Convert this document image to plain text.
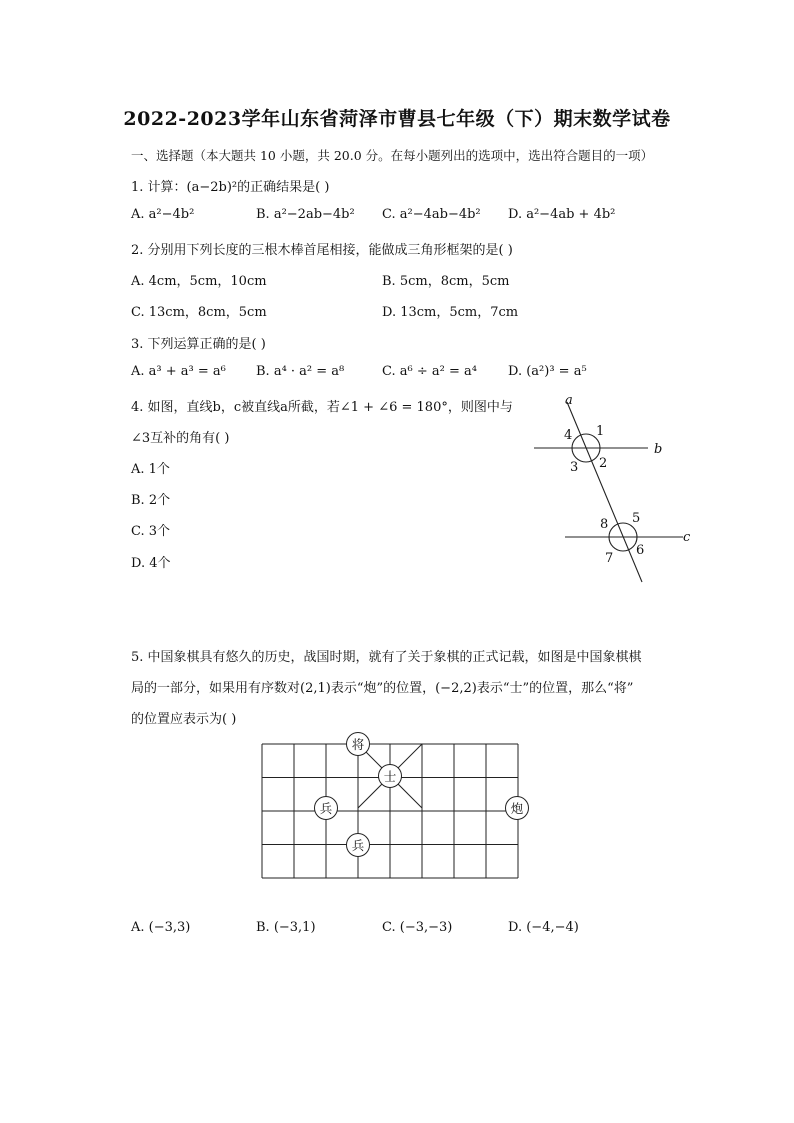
2022-2023学年山东省菏泽市曹县七年级（下）期末数学试卷
一、选择题（本大题共 10 小题，共 20.0 分。在每小题列出的选项中，选出符合题目的一项）
1. 计算：(a−2b)²的正确结果是( )
A. a²−4b²	B. a²−2ab−4b² C. a²−4ab−4b² D. a²−4ab + 4b²
2. 分别用下列长度的三根木棒首尾相接，能做成三角形框架的是( )
A. 4cm，5cm，10cm	B. 5cm，8cm，5cm
C. 13cm，8cm，5cm	D. 13cm，5cm，7cm
3. 下列运算正确的是( )
A. a³ + a³ = a⁶ B. a⁴ · a² = a⁸	C. a⁶ ÷ a² = a⁴ D. (a²)³ = a⁵
4. 如图，直线b，c被直线a所截，若∠1 + ∠6 = 180°，则图中与
∠3互补的角有( )
A. 1个
B. 2个
C. 3个
D. 4个
a
b
c
1
2
3
4
5
6
7
8
5. 中国象棋具有悠久的历史，战国时期，就有了关于象棋的正式记载，如图是中国象棋棋
局的一部分，如果用有序数对(2,1)表示“炮”的位置，(−2,2)表示“士”的位置，那么“将”
的位置应表示为( )
将
士
兵
兵
炮
A. (−3,3)	B. (−3,1)	C. (−3,−3)	D. (−4,−4)
